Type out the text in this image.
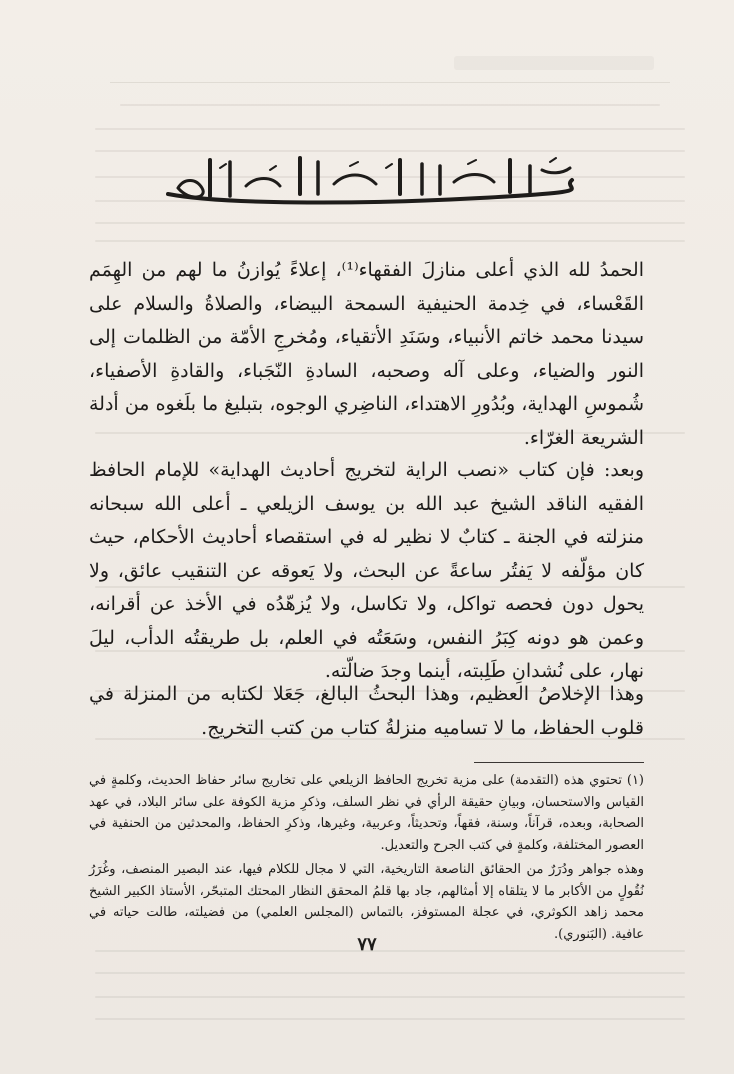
الحمدُ لله الذي أعلى منازلَ الفقهاء⁽¹⁾، إعلاءً يُوازنُ ما لهم من الهِمَم القَعْساء، في خِدمة الحنيفية السمحة البيضاء، والصلاةُ والسلام على سيدنا محمد خاتم الأنبياء، وسَنَدِ الأتقياء، ومُخرجِ الأمّة من الظلمات إلى النور والضياء، وعلى آله وصحبه، السادةِ النّجَباء، والقادةِ الأصفياء، شُموسِ الهداية، وبُدُورِ الاهتداء، الناضِري الوجوه، بتبليغ ما بلَغوه من أدلة الشريعة الغرّاء.

وبعد: فإن كتاب «نصب الراية لتخريج أحاديث الهداية» للإمام الحافظ الفقيه الناقد الشيخ عبد الله بن يوسف الزيلعي ـ أعلى الله سبحانه منزلته في الجنة ـ كتابٌ لا نظير له في استقصاء أحاديث الأحكام، حيث كان مؤلّفه لا يَفتُر ساعةً عن البحث، ولا يَعوقه عن التنقيب عائق، ولا يحول دون فحصه تواكل، ولا تكاسل، ولا يُزهّدُه في الأخذ عن أقرانه، وعمن هو دونه كِبَرُ النفس، وسَعَتُه في العلم، بل طريقتُه الدأب، ليلَ نهار، على نُشدانِ طَلِبته، أينما وجدَ ضالّته.

وهذا الإخلاصُ العظيم، وهذا البحثُ البالغ، جَعَلا لكتابه من المنزلة في قلوب الحفاظ، ما لا تساميه منزلةُ كتاب من كتب التخريج.

(١) تحتوي هذه (التقدمة) على مزية تخريج الحافظ الزيلعي على تخاريج سائر حفاظ الحديث، وكلمةٍ في القياس والاستحسان، وبيانِ حقيقة الرأي في نظر السلف، وذكرِ مزية الكوفة على سائر البلاد، في عهد الصحابة، وبعده، قرآناً، وسنة، فقهاً، وتحديثاً، وعربية، وغيرها، وذكرِ الحفاظ، والمحدثين من الحنفية في العصور المختلفة، وكلمةٍ في كتب الجرح والتعديل.

وهذه جواهر ودُرَرٌ من الحقائق الناصعة التاريخية، التي لا مجال للكلام فيها، عند البصير المنصف، وغُرَرُ نُقُولٍ من الأكابر ما لا يتلقاه إلا أمثالهم، جاد بها قلمُ المحقق النظار المحتك المتبحّر، الأستاذ الكبير الشيخ محمد زاهد الكوثري، في عجلة المستوفز، بالتماس (المجلس العلمي) من فضيلته، طالت حياته في عافية. (البَنوري).

٧٧
